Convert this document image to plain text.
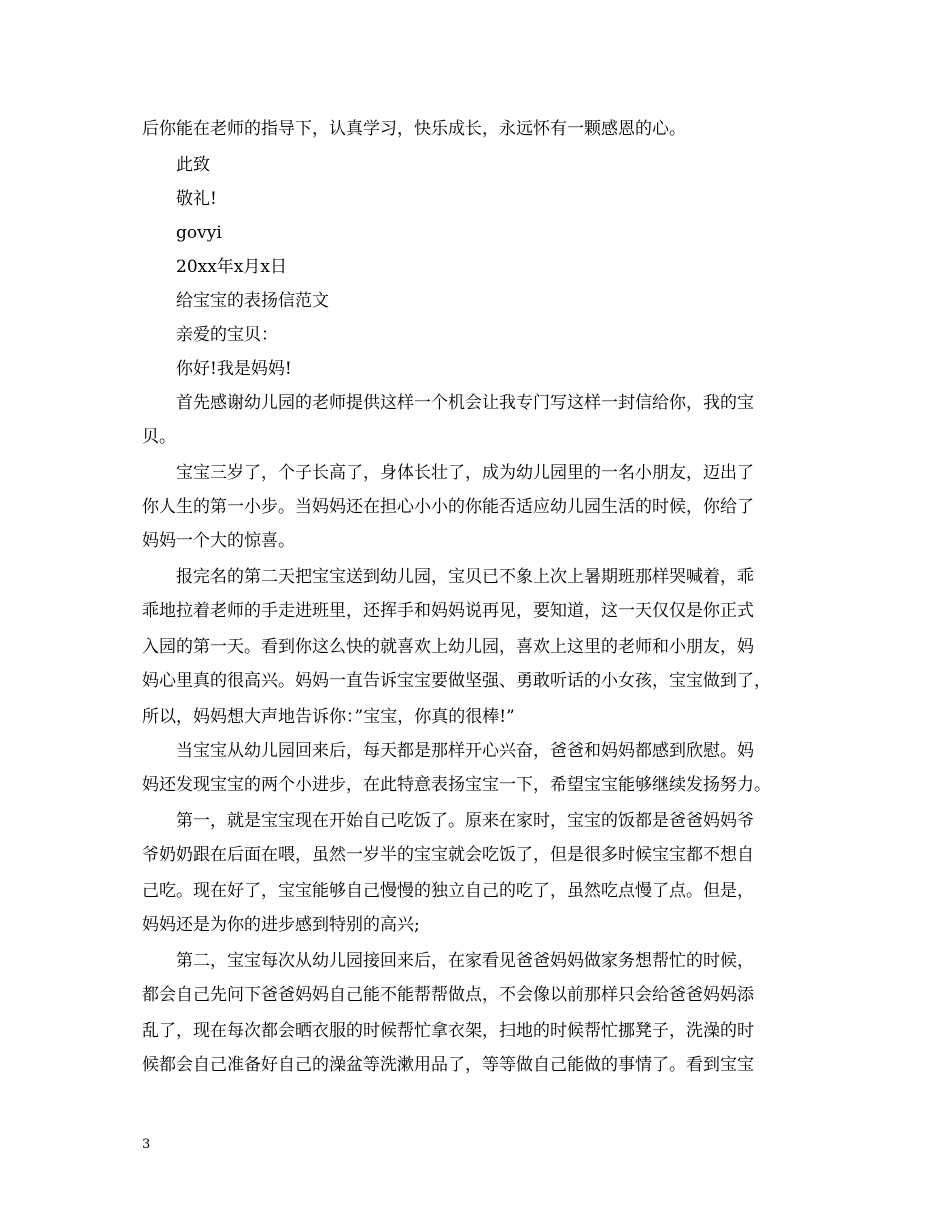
后你能在老师的指导下，认真学习，快乐成长，永远怀有一颗感恩的心。
此致
敬礼!
govyi
20xx年x月x日
给宝宝的表扬信范文
亲爱的宝贝：
你好!我是妈妈!
首先感谢幼儿园的老师提供这样一个机会让我专门写这样一封信给你，我的宝
贝。
宝宝三岁了，个子长高了，身体长壮了，成为幼儿园里的一名小朋友，迈出了
你人生的第一小步。当妈妈还在担心小小的你能否适应幼儿园生活的时候，你给了
妈妈一个大的惊喜。
报完名的第二天把宝宝送到幼儿园，宝贝已不象上次上暑期班那样哭喊着，乖
乖地拉着老师的手走进班里，还挥手和妈妈说再见，要知道，这一天仅仅是你正式
入园的第一天。看到你这么快的就喜欢上幼儿园，喜欢上这里的老师和小朋友，妈
妈心里真的很高兴。妈妈一直告诉宝宝要做坚强、勇敢听话的小女孩，宝宝做到了，
所以，妈妈想大声地告诉你：”宝宝，你真的很棒!”
当宝宝从幼儿园回来后，每天都是那样开心兴奋，爸爸和妈妈都感到欣慰。妈
妈还发现宝宝的两个小进步，在此特意表扬宝宝一下，希望宝宝能够继续发扬努力。
第一，就是宝宝现在开始自己吃饭了。原来在家时，宝宝的饭都是爸爸妈妈爷
爷奶奶跟在后面在喂，虽然一岁半的宝宝就会吃饭了，但是很多时候宝宝都不想自
己吃。现在好了，宝宝能够自己慢慢的独立自己的吃了，虽然吃点慢了点。但是，
妈妈还是为你的进步感到特别的高兴;
第二，宝宝每次从幼儿园接回来后，在家看见爸爸妈妈做家务想帮忙的时候，
都会自己先问下爸爸妈妈自己能不能帮帮做点，不会像以前那样只会给爸爸妈妈添
乱了，现在每次都会晒衣服的时候帮忙拿衣架，扫地的时候帮忙挪凳子，洗澡的时
候都会自己准备好自己的澡盆等洗漱用品了，等等做自己能做的事情了。看到宝宝
3
